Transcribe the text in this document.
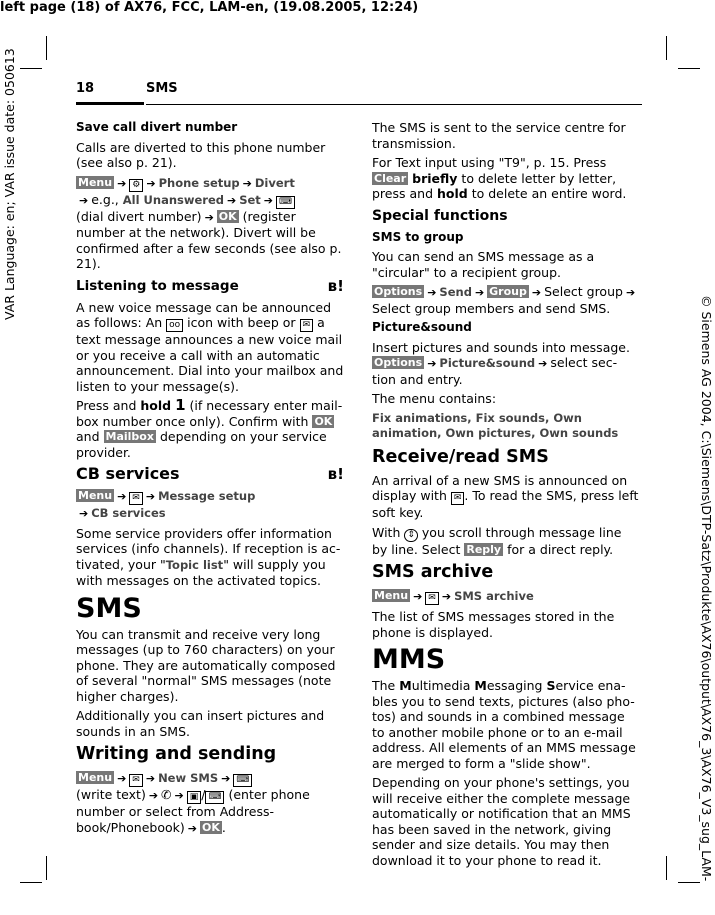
left page (18) of AX76, FCC, LAM-en, (19.08.2005, 12:24)
VAR Language: en; VAR issue date: 050613
© Siemens AG 2004, C:\Siemens\DTP-Satz\Produkte\AX76\output\AX76_3\AX76_V3_sug_LAM-
18	SMS

Save call divert number

Calls are diverted to this phone number (see also p. 21).

Menu ➔ ⚙ ➔ Phone setup ➔ Divert
➔ e.g., All Unanswered ➔ Set ➔ ⌨
(dial divert number) ➔ OK (register number at the network). Divert will be confirmed after a few seconds (see also p. 21).

Listening to message	ʙ!

A new voice message can be announced as follows: An oo icon with beep or ✉ a text message announces a new voice mail or you receive a call with an automatic announcement. Dial into your mailbox and listen to your message(s).

Press and hold 1 (if necessary enter mail-box number once only). Confirm with OK and Mailbox depending on your service provider.

CB services	ʙ!

Menu ➔ ✉ ➔ Message setup
➔ CB services

Some service providers offer information services (info channels). If reception is ac-tivated, your "Topic list" will supply you with messages on the activated topics.

SMS

You can transmit and receive very long messages (up to 760 characters) on your phone. They are automatically composed of several "normal" SMS messages (note higher charges).

Additionally you can insert pictures and sounds in an SMS.

Writing and sending

Menu ➔ ✉ ➔ New SMS ➔ ⌨
(write text) ➔ ✆ ➔ ▣ / ⌨ (enter phone number or select from Address-book/Phonebook) ➔ OK .

The SMS is sent to the service centre for transmission.

For Text input using "T9", p. 15. Press Clear briefly to delete letter by letter, press and hold to delete an entire word.

Special functions

SMS to group

You can send an SMS message as a "circular" to a recipient group.

Options ➔ Send ➔ Group ➔ Select group ➔Select group members and send SMS.

Picture&sound

Insert pictures and sounds into message.
Options ➔ Picture&sound ➔ select sec-tion and entry.

The menu contains:

Fix animations, Fix sounds, Own animation, Own pictures, Own sounds

Receive/read SMS

An arrival of a new SMS is announced on display with ✉ . To read the SMS, press left soft key.

With ⇕ you scroll through message line by line. Select Reply for a direct reply.

SMS archive

Menu ➔ ✉ ➔ SMS archive

The list of SMS messages stored in the phone is displayed.

MMS

The Multimedia Messaging Service ena-bles you to send texts, pictures (also pho-tos) and sounds in a combined message to another mobile phone or to an e-mail address. All elements of an MMS message are merged to form a "slide show".

Depending on your phone's settings, you will receive either the complete message automatically or notification that an MMS has been saved in the network, giving sender and size details. You may then download it to your phone to read it.
